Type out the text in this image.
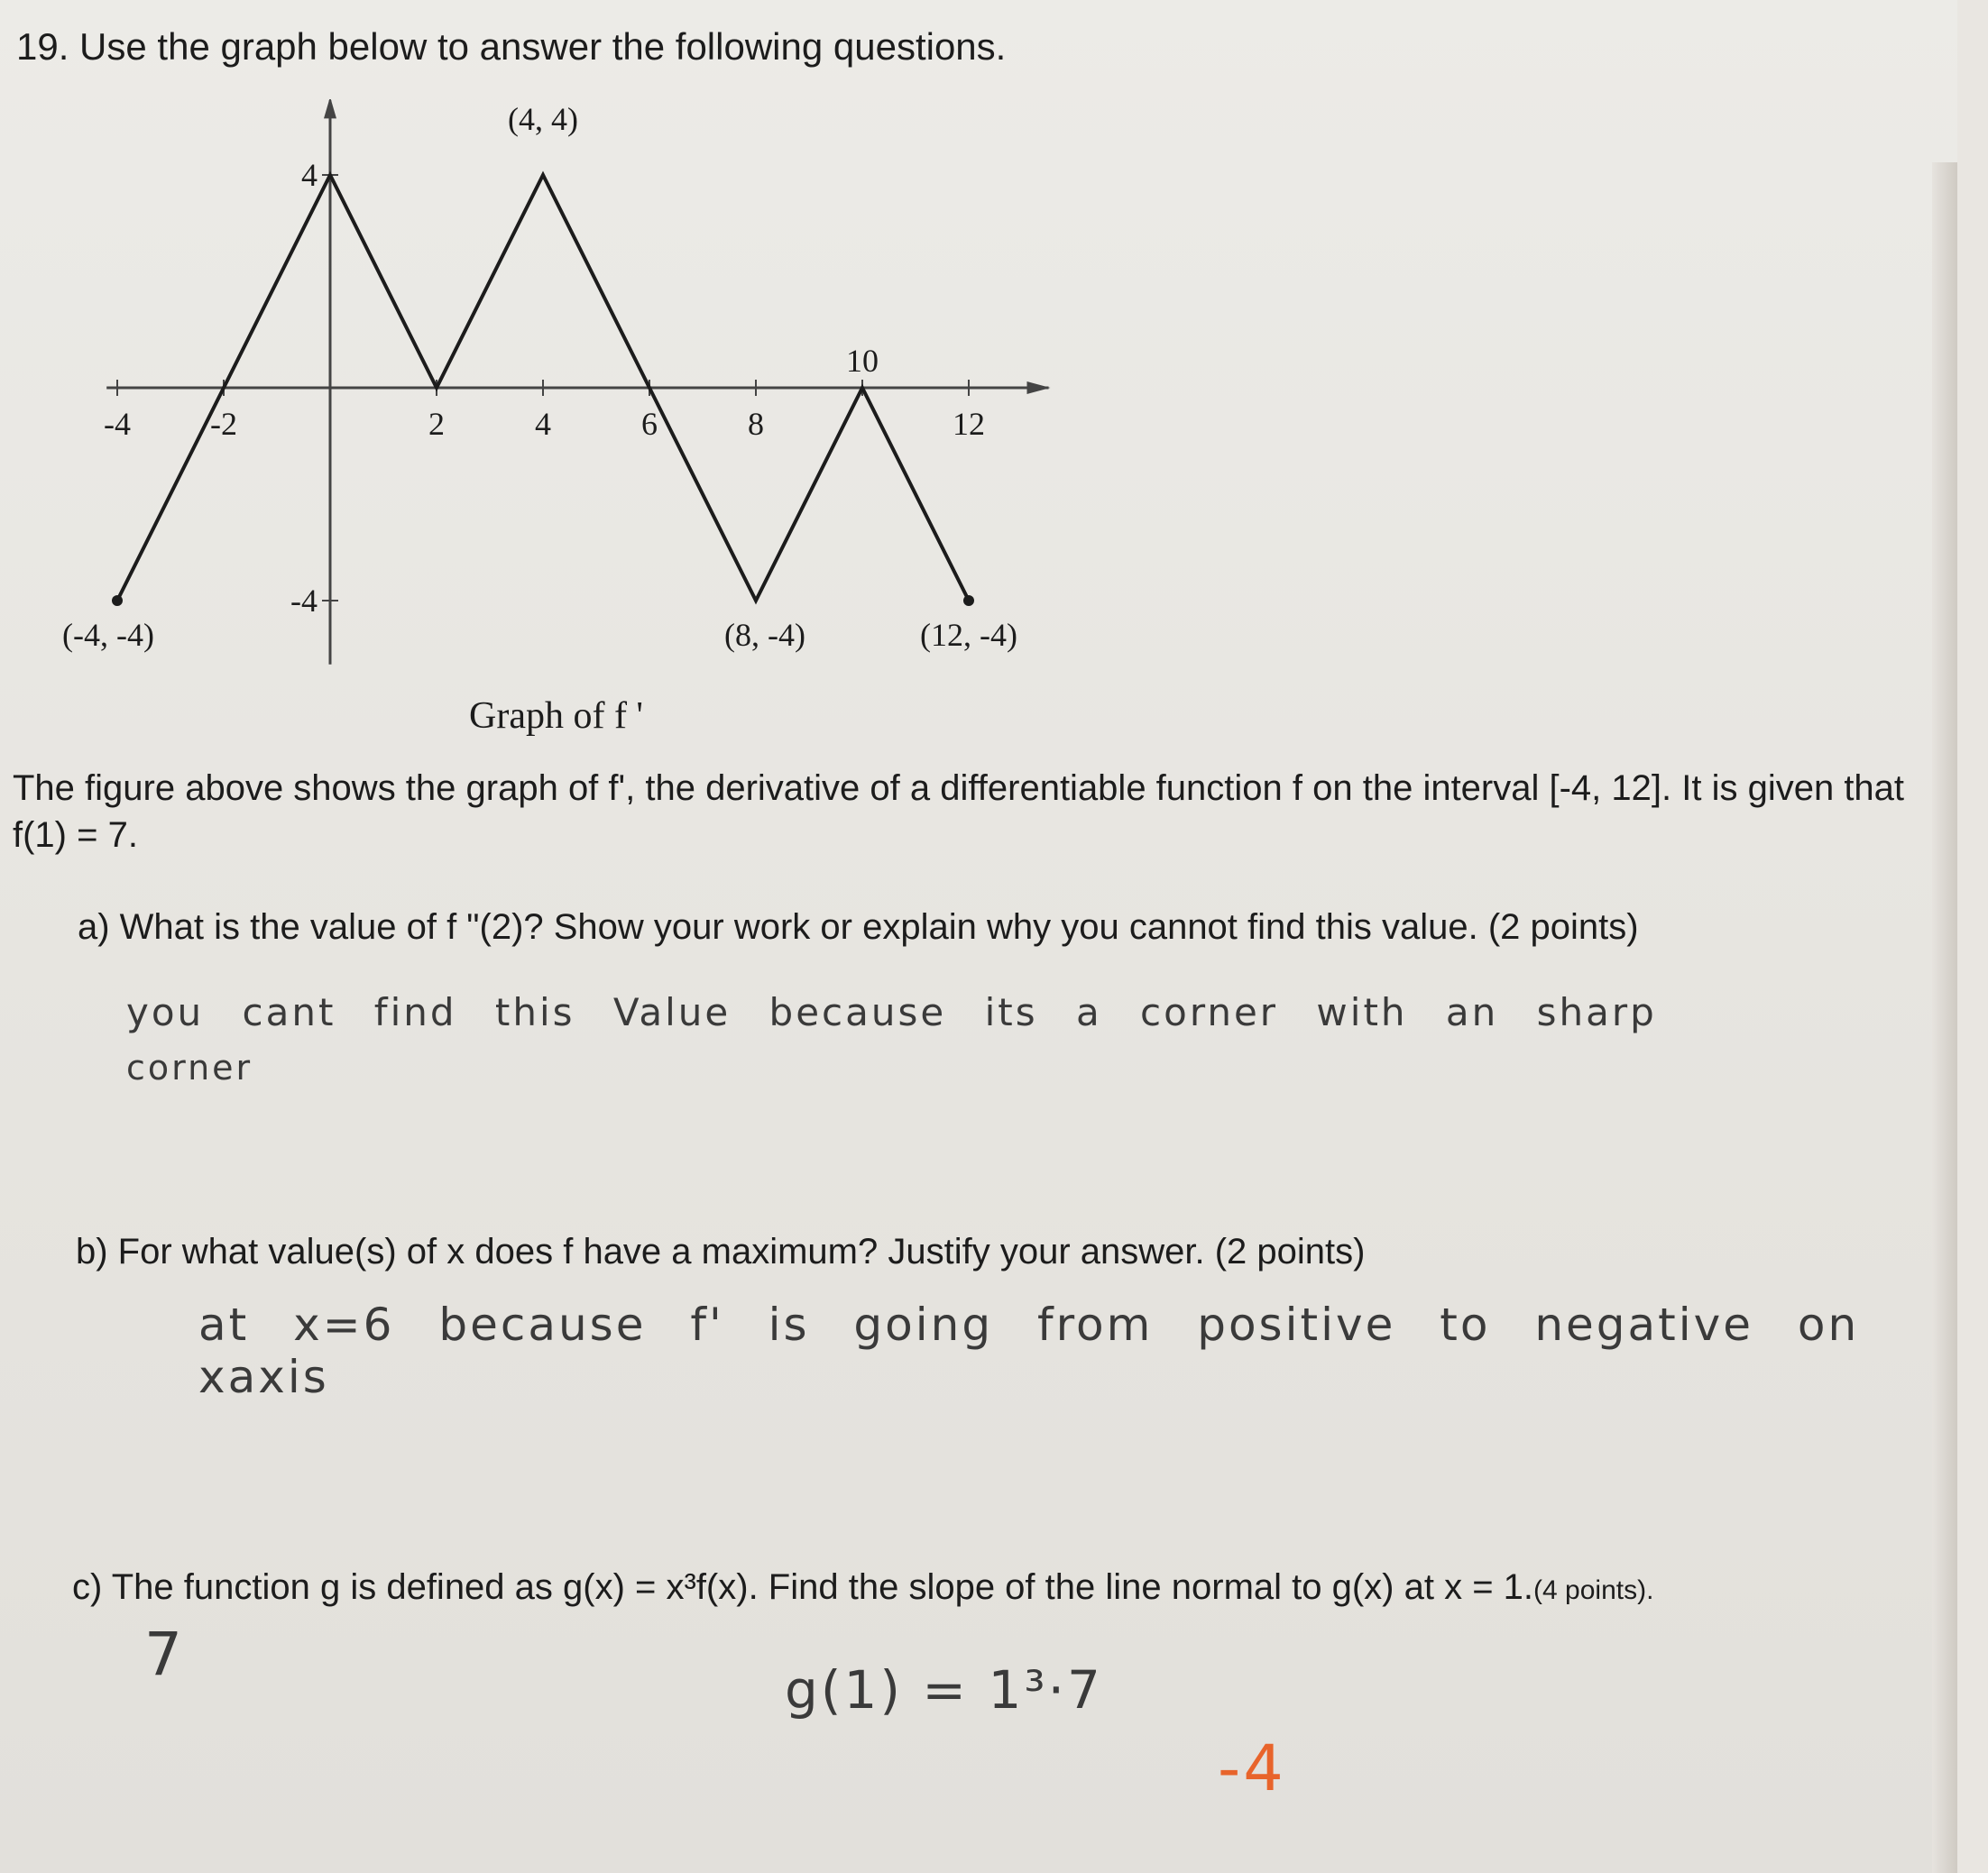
19. Use the graph below to answer the following questions.
-4 -2	2	4	6	8
10
12
4
-4
(4, 4)
(-4, -4)	(8, -4)	(12, -4)
Graph of f '
The figure above shows the graph of f', the derivative of a differentiable function f on the interval [-4, 12]. It is given that f(1) = 7.
a) What is the value of f "(2)? Show your work or explain why you cannot find this value. (2 points)
you cant find this Value because its a corner with an sharp
corner
b) For what value(s) of x does f have a maximum? Justify your answer. (2 points)
at x=6 because f' is going from positive to negative on xaxis
c) The function g is defined as g(x) = x³f(x). Find the slope of the line normal to g(x) at x = 1.(4 points).
7
g(1) = 1³·7
-4
